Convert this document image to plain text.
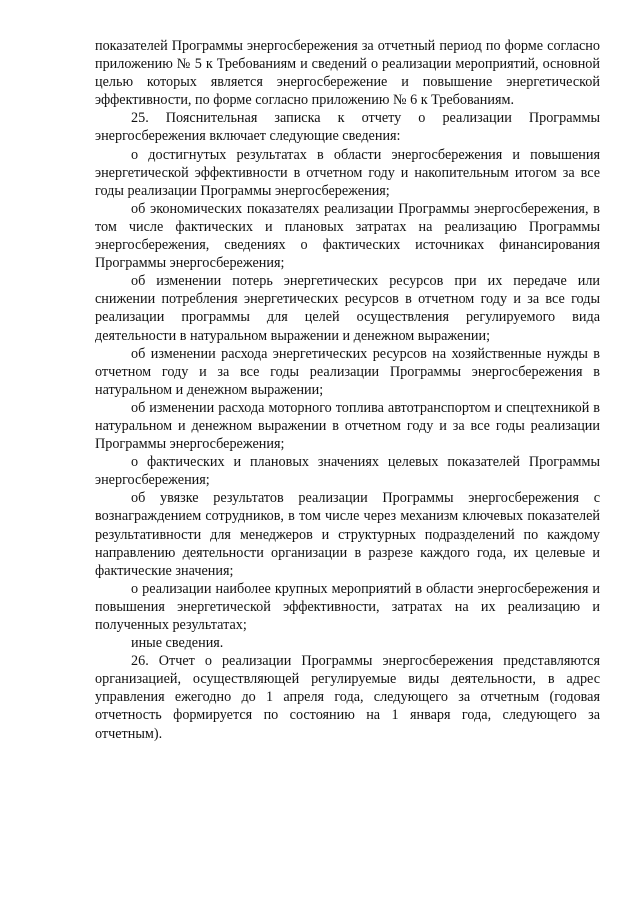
показателей Программы энергосбережения за отчетный период по форме согласно приложению № 5 к Требованиям и сведений о реализации мероприятий, основной целью которых является энергосбережение и повышение энергетической эффективности, по форме согласно приложению № 6 к Требованиям.

25. Пояснительная записка к отчету о реализации Программы энергосбережения включает следующие сведения:

о достигнутых результатах в области энергосбережения и повышения энергетической эффективности в отчетном году и накопительным итогом за все годы реализации Программы энергосбережения;

об экономических показателях реализации Программы энергосбережения, в том числе фактических и плановых затратах на реализацию Программы энергосбережения, сведениях о фактических источниках финансирования Программы энергосбережения;

об изменении потерь энергетических ресурсов при их передаче или снижении потребления энергетических ресурсов в отчетном году и за все годы реализации программы для целей осуществления регулируемого вида деятельности в натуральном выражении и денежном выражении;

об изменении расхода энергетических ресурсов на хозяйственные нужды в отчетном году и за все годы реализации Программы энергосбережения в натуральном и денежном выражении;

об изменении расхода моторного топлива автотранспортом и спецтехникой в натуральном и денежном выражении в отчетном году и за все годы реализации Программы энергосбережения;

о фактических и плановых значениях целевых показателей Программы энергосбережения;

об увязке результатов реализации Программы энергосбережения с вознаграждением сотрудников, в том числе через механизм ключевых показателей результативности для менеджеров и структурных подразделений по каждому направлению деятельности организации в разрезе каждого года, их целевые и фактические значения;

о реализации наиболее крупных мероприятий в области энергосбережения и повышения энергетической эффективности, затратах на их реализацию и полученных результатах;

иные сведения.

26. Отчет о реализации Программы энергосбережения представляются организацией, осуществляющей регулируемые виды деятельности, в адрес управления ежегодно до 1 апреля года, следующего за отчетным (годовая отчетность формируется по состоянию на 1 января года, следующего за отчетным).
